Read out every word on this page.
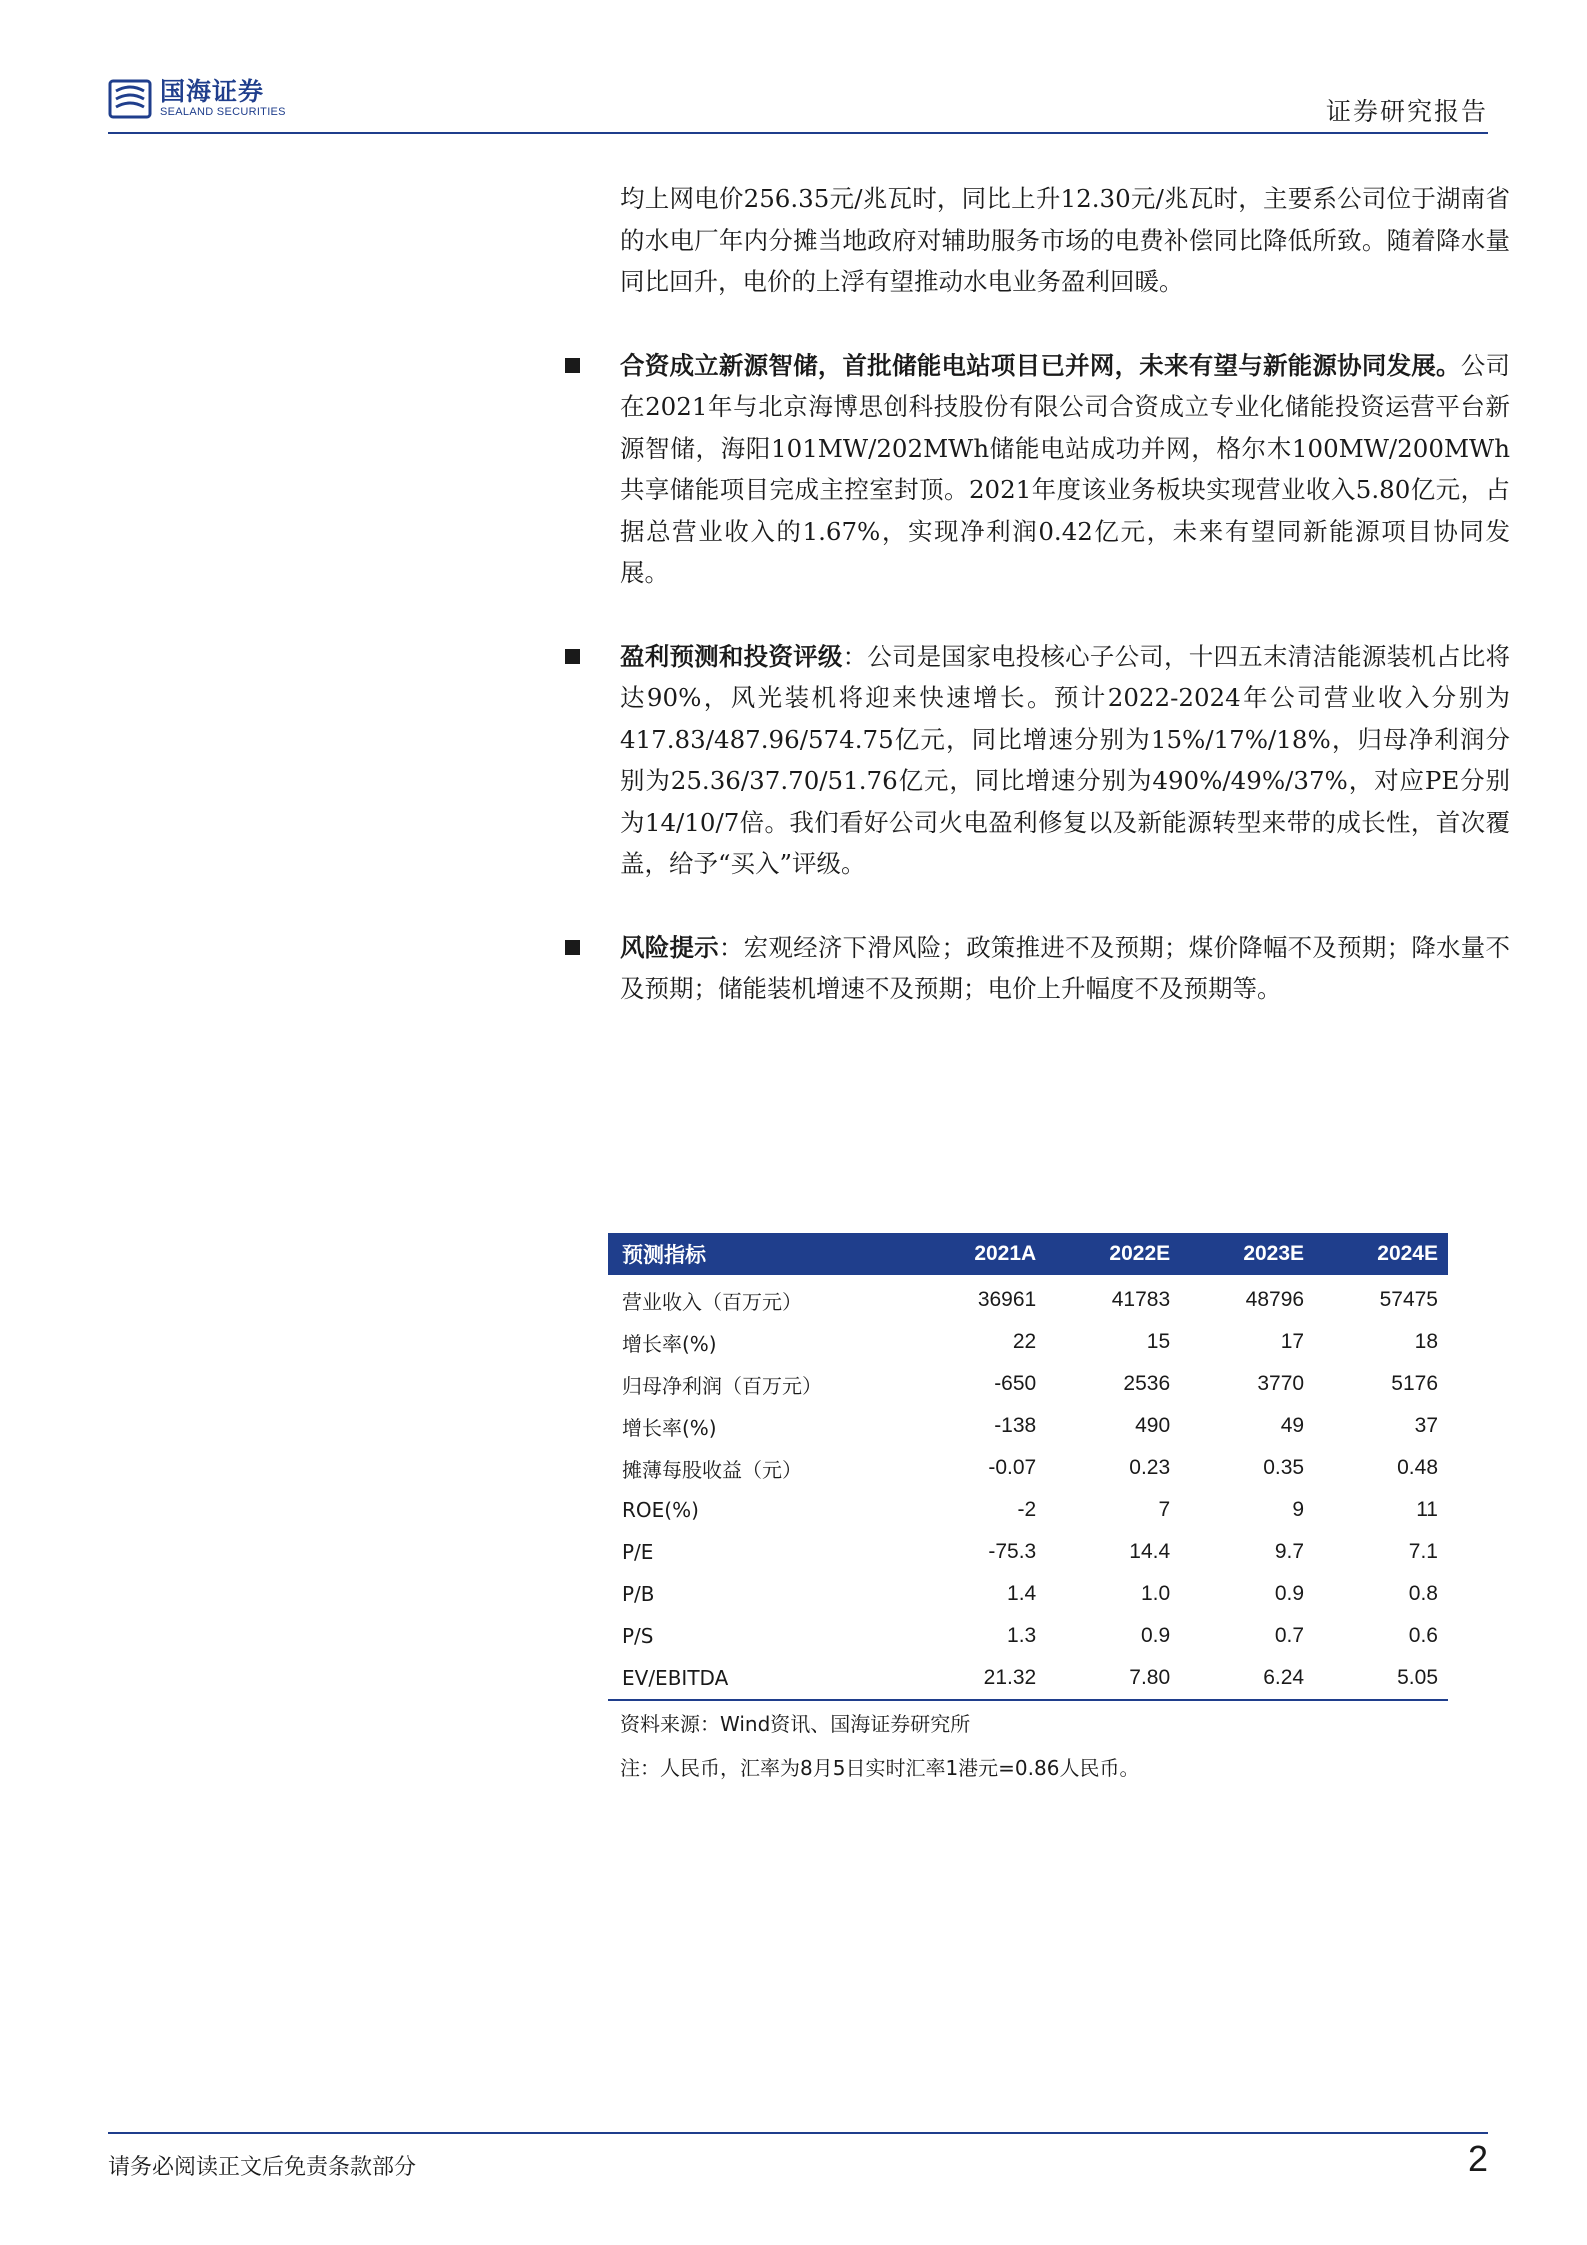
国海证券
SEALAND SECURITIES	证券研究报告

均上网电价256.35元/兆瓦时，同比上升12.30元/兆瓦时，主要系公司位于湖南省的水电厂年内分摊当地政府对辅助服务市场的电费补偿同比降低所致。随着降水量同比回升，电价的上浮有望推动水电业务盈利回暖。

合资成立新源智储，首批储能电站项目已并网，未来有望与新能源协同发展。公司在2021年与北京海博思创科技股份有限公司合资成立专业化储能投资运营平台新源智储，海阳101MW/202MWh储能电站成功并网，格尔木100MW/200MWh共享储能项目完成主控室封顶。2021年度该业务板块实现营业收入5.80亿元，占据总营业收入的1.67%，实现净利润0.42亿元，未来有望同新能源项目协同发展。

盈利预测和投资评级：公司是国家电投核心子公司，十四五末清洁能源装机占比将达90%，风光装机将迎来快速增长。预计2022-2024年公司营业收入分别为417.83/487.96/574.75亿元，同比增速分别为15%/17%/18%，归母净利润分别为25.36/37.70/51.76亿元，同比增速分别为490%/49%/37%，对应PE分别为14/10/7倍。我们看好公司火电盈利修复以及新能源转型来带的成长性，首次覆盖，给予“买入”评级。

风险提示：宏观经济下滑风险；政策推进不及预期；煤价降幅不及预期；降水量不及预期；储能装机增速不及预期；电价上升幅度不及预期等。

预测指标	2021A	2022E	2023E	2024E
营业收入（百万元）	36961	41783	48796	57475
增长率(%)	22	15	17	18
归母净利润（百万元）	-650	2536	3770	5176
增长率(%)	-138	490	49	37
摊薄每股收益（元）	-0.07	0.23	0.35	0.48
ROE(%)	-2	7	9	11
P/E	-75.3	14.4	9.7	7.1
P/B	1.4	1.0	0.9	0.8
P/S	1.3	0.9	0.7	0.6
EV/EBITDA	21.32	7.80	6.24	5.05
资料来源：Wind资讯、国海证券研究所
注：人民币，汇率为8月5日实时汇率1港元=0.86人民币。
请务必阅读正文后免责条款部分	2
